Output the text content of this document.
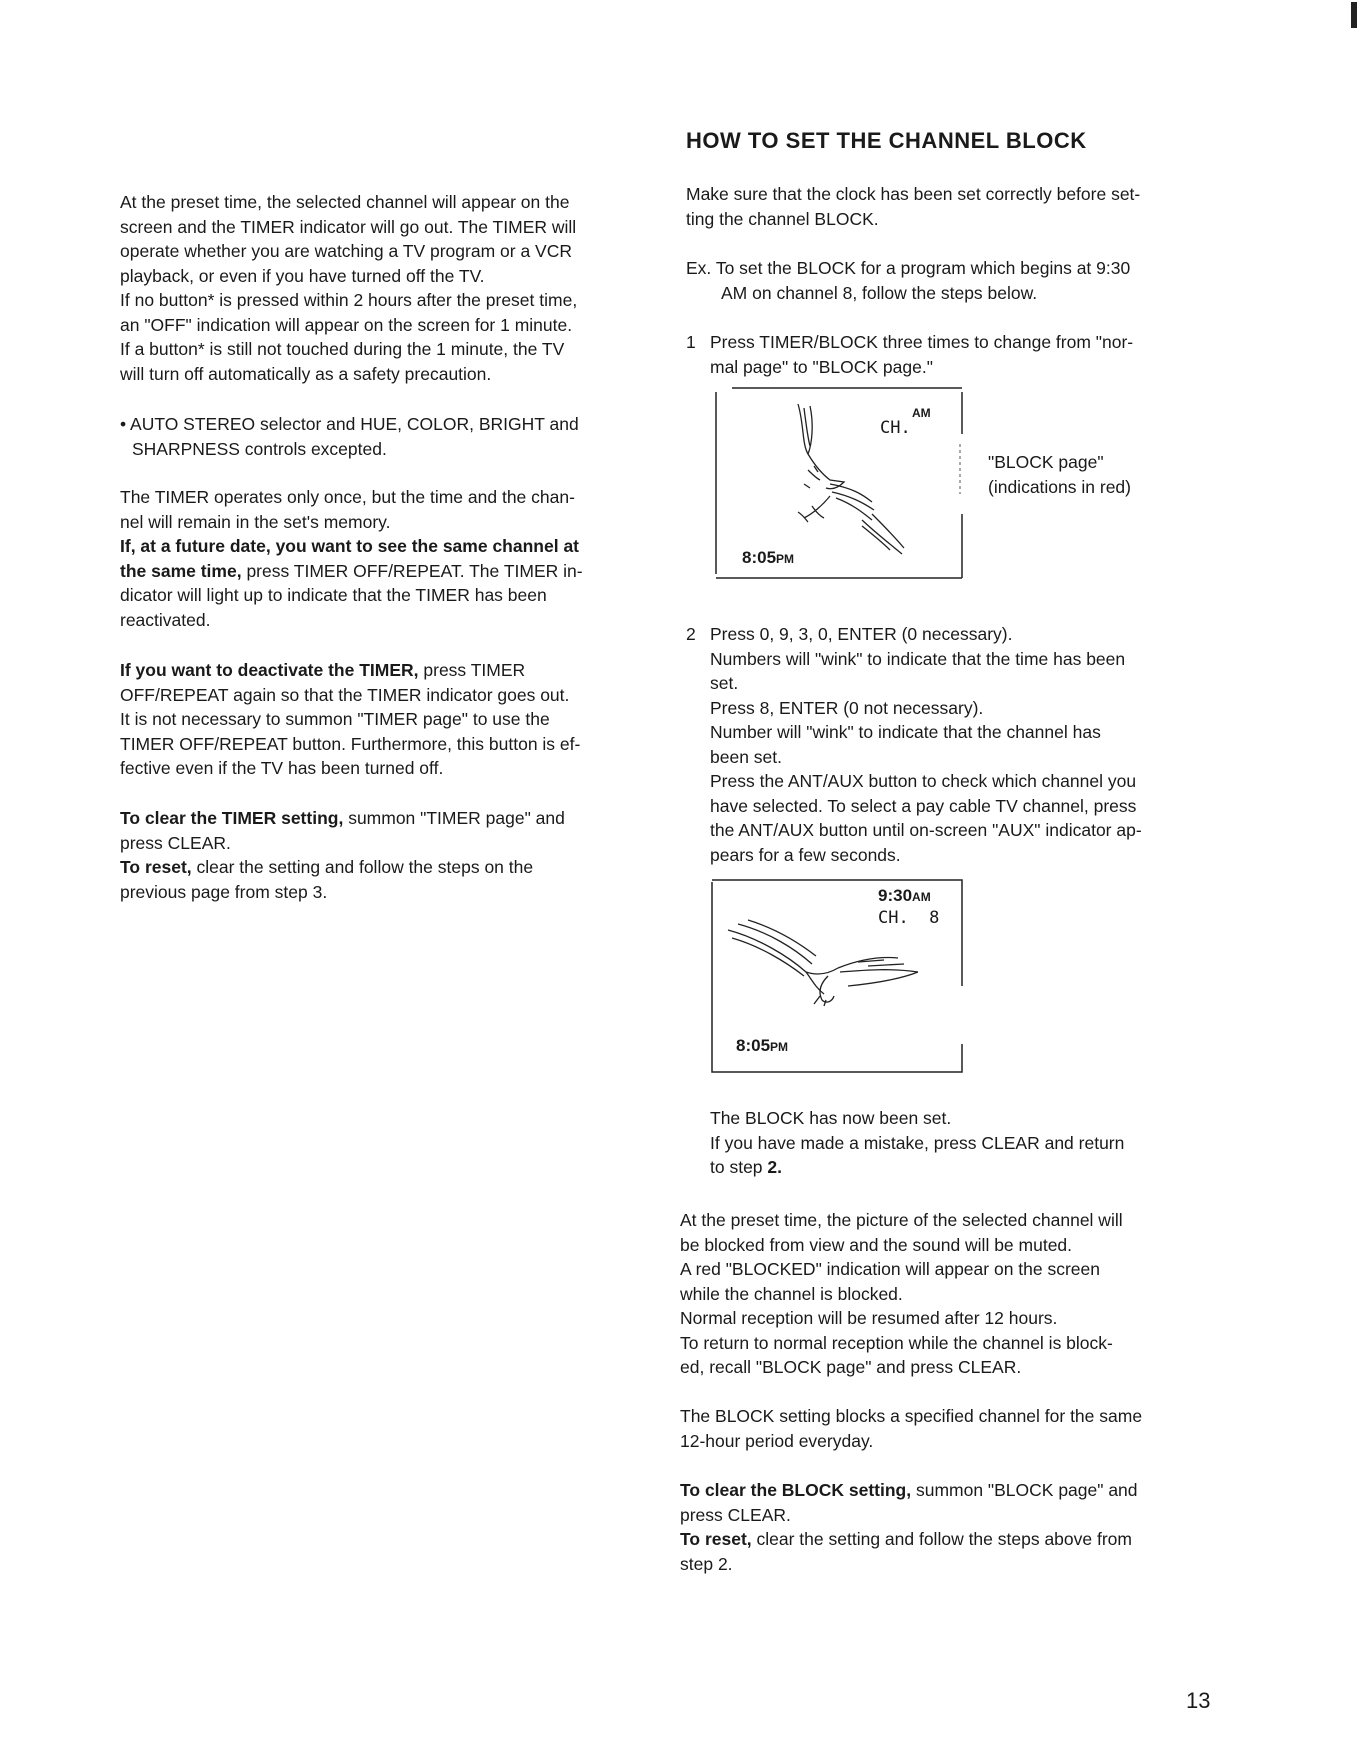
At the preset time, the selected channel will appear on the
screen and the TIMER indicator will go out. The TIMER will
operate whether you are watching a TV program or a VCR
playback, or even if you have turned off the TV.
If no button* is pressed within 2 hours after the preset time,
an "OFF" indication will appear on the screen for 1 minute.
If a button* is still not touched during the 1 minute, the TV
will turn off automatically as a safety precaution.
• AUTO STEREO selector and HUE, COLOR, BRIGHT and
SHARPNESS controls excepted.
The TIMER operates only once, but the time and the chan-
nel will remain in the set's memory.
If, at a future date, you want to see the same channel at
the same time, press TIMER OFF/REPEAT. The TIMER in-
dicator will light up to indicate that the TIMER has been
reactivated.
If you want to deactivate the TIMER, press TIMER
OFF/REPEAT again so that the TIMER indicator goes out.
It is not necessary to summon "TIMER page" to use the
TIMER OFF/REPEAT button. Furthermore, this button is ef-
fective even if the TV has been turned off.
To clear the TIMER setting, summon "TIMER page" and
press CLEAR.
To reset, clear the setting and follow the steps on the
previous page from step 3.
HOW TO SET THE CHANNEL BLOCK
Make sure that the clock has been set correctly before set-
ting the channel BLOCK.
Ex. To set the BLOCK for a program which begins at 9:30
AM on channel 8, follow the steps below.
1 Press TIMER/BLOCK three times to change from "nor-
mal page" to "BLOCK page."
AM
CH.
8:05PM
"BLOCK page"
(indications in red)
2 Press 0, 9, 3, 0, ENTER (0 necessary).
Numbers will "wink" to indicate that the time has been
set.
Press 8, ENTER (0 not necessary).
Number will "wink" to indicate that the channel has
been set.
Press the ANT/AUX button to check which channel you
have selected. To select a pay cable TV channel, press
the ANT/AUX button until on-screen "AUX" indicator ap-
pears for a few seconds.
9:30AM
CH.  8
8:05PM
The BLOCK has now been set.
If you have made a mistake, press CLEAR and return
to step 2.
At the preset time, the picture of the selected channel will
be blocked from view and the sound will be muted.
A red "BLOCKED" indication will appear on the screen
while the channel is blocked.
Normal reception will be resumed after 12 hours.
To return to normal reception while the channel is block-
ed, recall "BLOCK page" and press CLEAR.
The BLOCK setting blocks a specified channel for the same
12-hour period everyday.
To clear the BLOCK setting, summon "BLOCK page" and
press CLEAR.
To reset, clear the setting and follow the steps above from
step 2.
13
